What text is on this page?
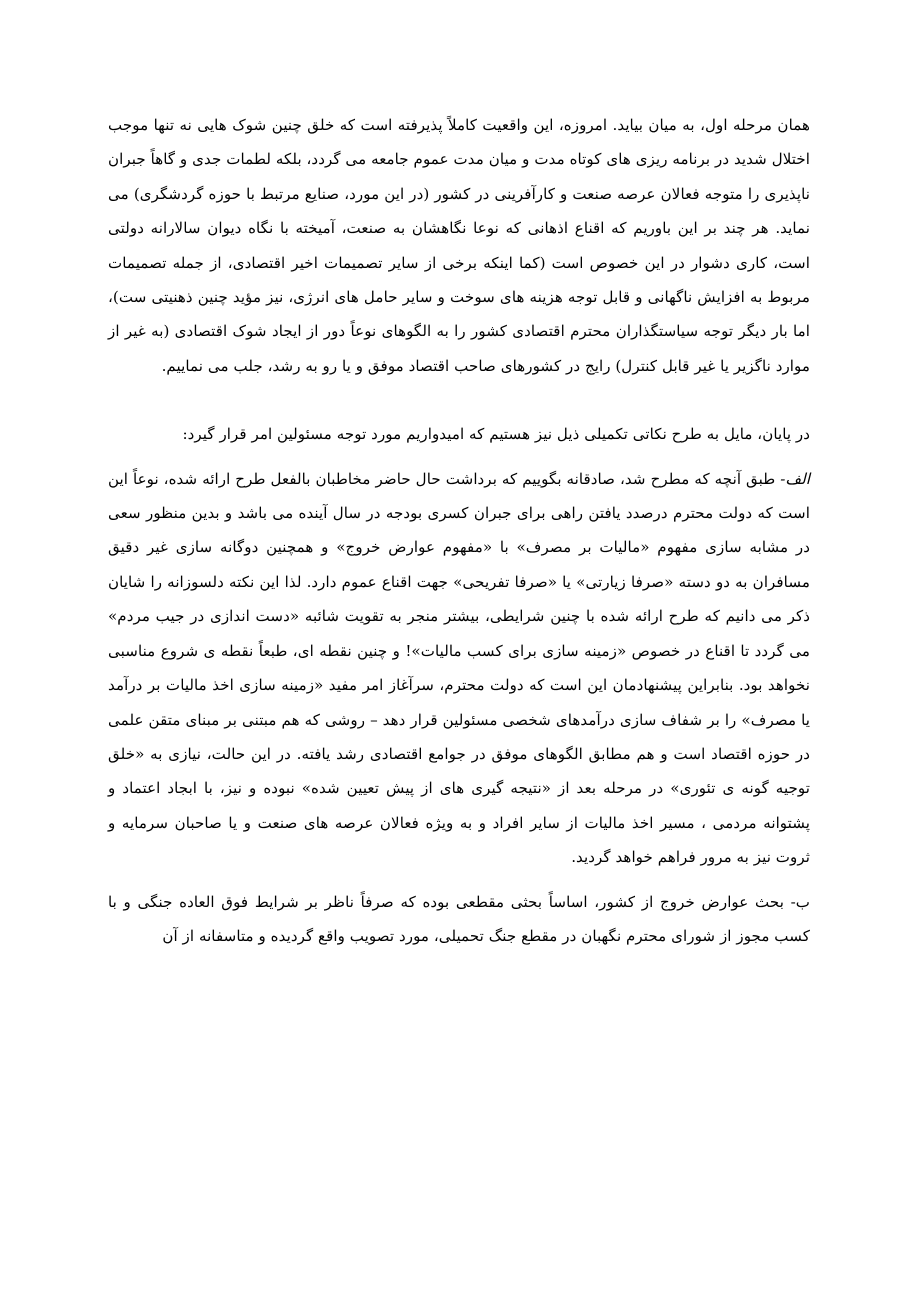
همان مرحله اول، به میان بیاید. امروزه، این واقعیت کاملاً پذیرفته است که خلق چنین شوک هایی نه تنها موجب اختلال شدید در برنامه ریزی های کوتاه مدت و میان مدت عموم جامعه می گردد، بلکه لطمات جدی و گاهاً جبران ناپذیری را متوجه فعالان عرصه صنعت و کارآفرینی در کشور (در این مورد، صنایع مرتبط با حوزه گردشگری) می نماید. هر چند بر این باوریم که اقناع اذهانی که نوعا نگاهشان به صنعت، آمیخته با نگاه دیوان سالارانه دولتی است، کاری دشوار در این خصوص است (کما اینکه برخی از سایر تصمیمات اخیر اقتصادی، از جمله تصمیمات مربوط به افزایش ناگهانی و قابل توجه هزینه های سوخت و سایر حامل های انرژی، نیز مؤید چنین ذهنیتی ست)، اما بار دیگر توجه سیاستگذاران محترم اقتصادی کشور را به الگوهای نوعاً دور از ایجاد شوک اقتصادی (به غیر از موارد ناگزیر یا غیر قابل کنترل) رایج در کشورهای صاحب اقتصاد موفق و یا رو به رشد، جلب می نماییم.

در پایان، مایل به طرح نکاتی تکمیلی ذیل نیز هستیم که امیدواریم مورد توجه مسئولین امر قرار گیرد:

الف- طبق آنچه که مطرح شد، صادقانه بگوییم که برداشت حال حاضر مخاطبان بالفعل طرح ارائه شده، نوعاً این است که دولت محترم درصدد یافتن راهی برای جبران کسری بودجه در سال آینده می باشد و بدین منظور سعی در مشابه سازی مفهوم «مالیات بر مصرف» با «مفهوم عوارض خروج» و همچنین دوگانه سازی غیر دقیق مسافران به دو دسته «صرفا زیارتی» یا «صرفا تفریحی» جهت اقناع عموم دارد. لذا این نکته دلسوزانه را شایان ذکر می دانیم که طرح ارائه شده با چنین شرایطی، بیشتر منجر به تقویت شائبه «دست اندازی در جیب مردم» می گردد تا اقناع در خصوص «زمینه سازی برای کسب مالیات»! و چنین نقطه ای، طبعاً نقطه ی شروع مناسبی نخواهد بود. بنابراین پیشنهادمان این است که دولت محترم، سرآغاز امر مفید «زمینه سازی اخذ مالیات بر درآمد یا مصرف» را بر شفاف سازی درآمدهای شخصی مسئولین قرار دهد – روشی که هم مبتنی بر مبنای متقن علمی در حوزه اقتصاد است و هم مطابق الگوهای موفق در جوامع اقتصادی رشد یافته. در این حالت، نیازی به «خلق توجیه گونه ی تئوری» در مرحله بعد از «نتیجه گیری های از پیش تعیین شده» نبوده و نیز، با ابجاد اعتماد و پشتوانه مردمی ، مسیر اخذ مالیات از سایر افراد و به ویژه فعالان عرصه های صنعت و یا صاحبان سرمایه و ثروت نیز به مرور فراهم خواهد گردید.

ب- بحث عوارض خروج از کشور، اساساً بحثی مقطعی بوده که صرفاً ناظر بر شرایط فوق العاده جنگی و با کسب مجوز از شورای محترم نگهبان در مقطع جنگ تحمیلی، مورد تصویب واقع گردیده و متاسفانه از آن
